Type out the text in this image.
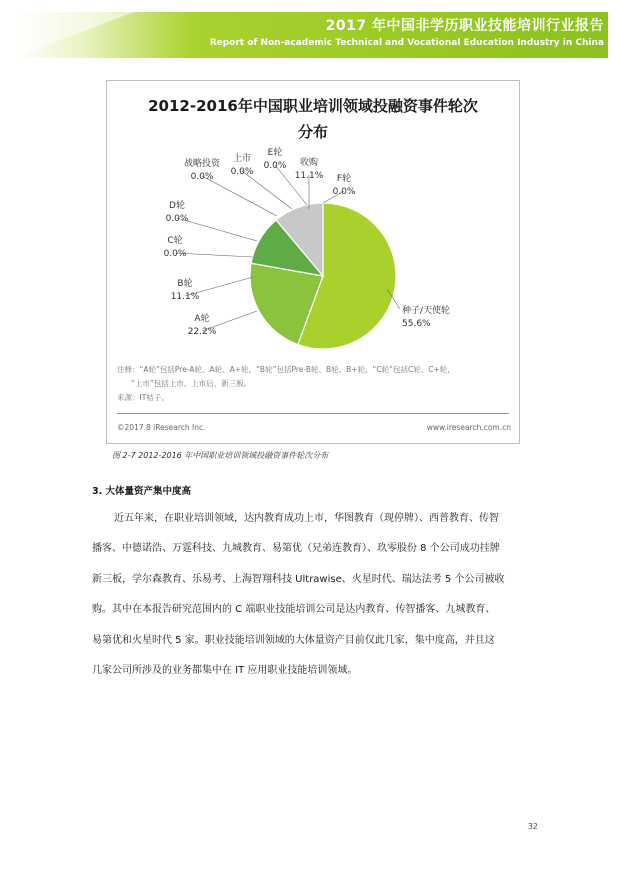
2017 年中国非学历职业技能培训行业报告
Report of Non-academic Technical and Vocational Education Industry in China
2012-2016年中国职业培训领域投融资事件轮次
分布
种子/天使轮
55.6%
A轮
22.2%
B轮
11.1%
C轮
0.0%
D轮
0.0%
战略投资
0.0%
上市
0.0%
E轮
0.0% 收购
11.1% F轮
0.0%
注释：“A轮”包括Pre-A轮、A轮、A+轮，“B轮”包括Pre-B轮、B轮、B+轮，“C轮”包括C轮、C+轮，
“上市”包括上市、上市后、新三板。
来源：IT桔子。
©2017.8 iResearch Inc.	www.iresearch.com.cn
图 2-7 2012-2016 年中国职业培训领域投融资事件轮次分布
3. 大体量资产集中度高
近五年来，在职业培训领域，达内教育成功上市，华图教育（现停牌）、西普教育、传智
播客、中德诺浩、万霆科技、九城教育、易第优（兄弟连教育）、玖零股份 8 个公司成功挂牌
新三板，学尔森教育、乐易考、上海智翔科技 Ultrawise、火星时代、瑞达法考 5 个公司被收
购。其中在本报告研究范围内的 C 端职业技能培训公司是达内教育、传智播客、九城教育、
易第优和火星时代 5 家。职业技能培训领域的大体量资产目前仅此几家，集中度高，并且这
几家公司所涉及的业务都集中在 IT 应用职业技能培训领域。
32
